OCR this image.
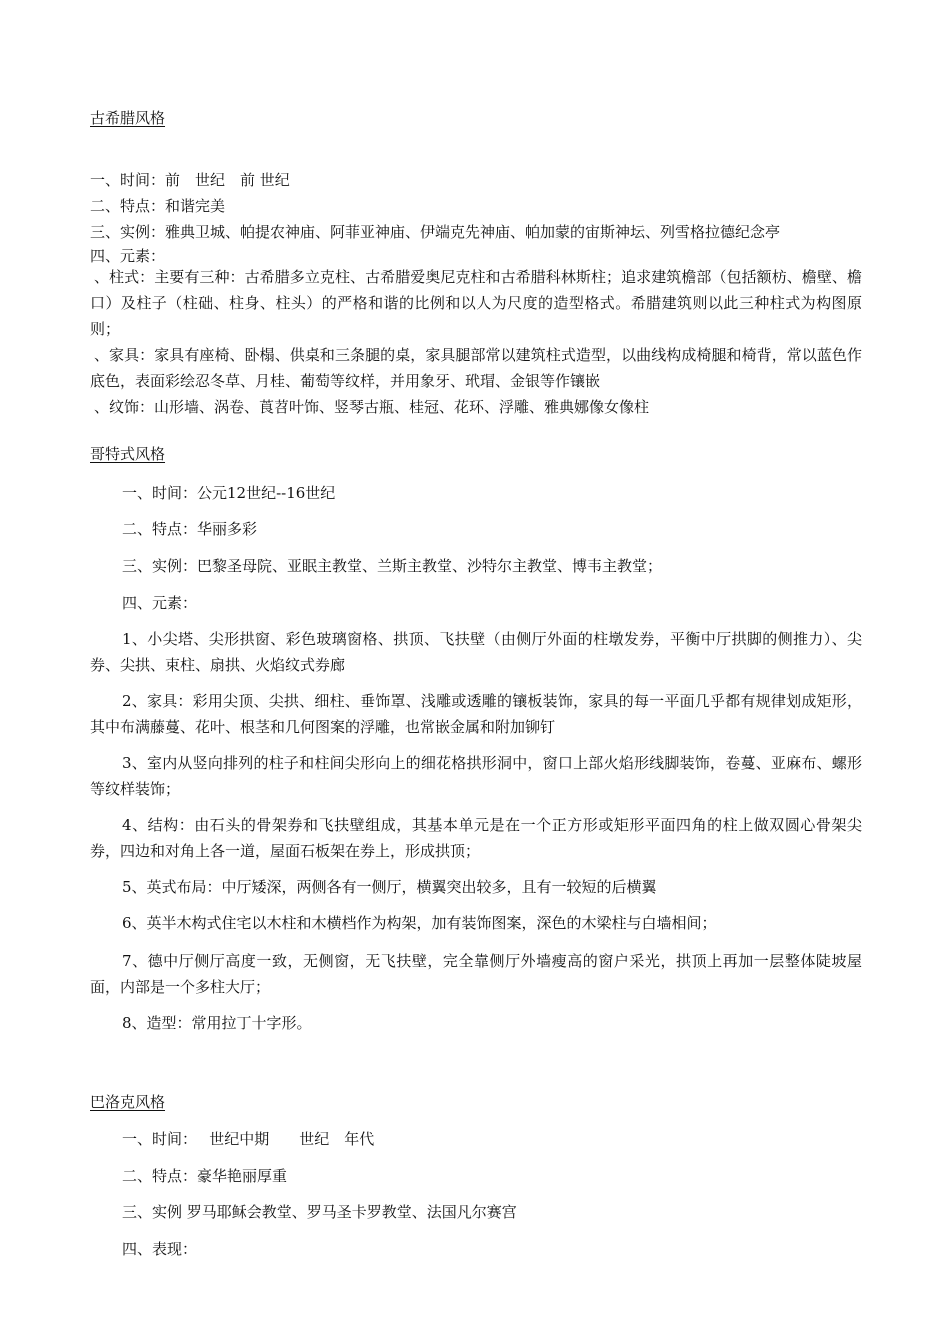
古希腊风格
一、时间：前　世纪　前 世纪
二、特点：和谐完美
三、实例：雅典卫城、帕提农神庙、阿菲亚神庙、伊端克先神庙、帕加蒙的宙斯神坛、列雪格拉德纪念亭
四、元素：
、柱式：主要有三种：古希腊多立克柱、古希腊爱奥尼克柱和古希腊科林斯柱；追求建筑檐部（包括额枋、檐壁、檐口）及柱子（柱础、柱身、柱头）的严格和谐的比例和以人为尺度的造型格式。希腊建筑则以此三种柱式为构图原则；
、家具：家具有座椅、卧榻、供桌和三条腿的桌，家具腿部常以建筑柱式造型，以曲线构成椅腿和椅背，常以蓝色作底色，表面彩绘忍冬草、月桂、葡萄等纹样，并用象牙、玳瑁、金银等作镶嵌
、纹饰：山形墙、涡卷、莨苕叶饰、竖琴古瓶、桂冠、花环、浮雕、雅典娜像女像柱
哥特式风格
一、时间：公元12世纪--16世纪
二、特点：华丽多彩
三、实例：巴黎圣母院、亚眠主教堂、兰斯主教堂、沙特尔主教堂、博韦主教堂；
四、元素：
1、小尖塔、尖形拱窗、彩色玻璃窗格、拱顶、飞扶壁（由侧厅外面的柱墩发券，平衡中厅拱脚的侧推力）、尖券、尖拱、束柱、扇拱、火焰纹式券廊
2、家具：彩用尖顶、尖拱、细柱、垂饰罩、浅雕或透雕的镶板装饰，家具的每一平面几乎都有规律划成矩形，其中布满藤蔓、花叶、根茎和几何图案的浮雕，也常嵌金属和附加铆钉
3、室内从竖向排列的柱子和柱间尖形向上的细花格拱形洞中，窗口上部火焰形线脚装饰，卷蔓、亚麻布、螺形等纹样装饰；
4、结构：由石头的骨架券和飞扶壁组成，其基本单元是在一个正方形或矩形平面四角的柱上做双圆心骨架尖券，四边和对角上各一道，屋面石板架在券上，形成拱顶；
5、英式布局：中厅矮深，两侧各有一侧厅，横翼突出较多，且有一较短的后横翼
6、英半木构式住宅以木柱和木横档作为构架，加有装饰图案，深色的木梁柱与白墙相间；
7、德中厅侧厅高度一致，无侧窗，无飞扶壁，完全靠侧厅外墙瘦高的窗户采光，拱顶上再加一层整体陡坡屋面，内部是一个多柱大厅；
8、造型：常用拉丁十字形。
巴洛克风格
一、时间：　 世纪中期　　世纪　年代
二、特点：豪华艳丽厚重
三、实例 罗马耶稣会教堂、罗马圣卡罗教堂、法国凡尔赛宫
四、表现：
